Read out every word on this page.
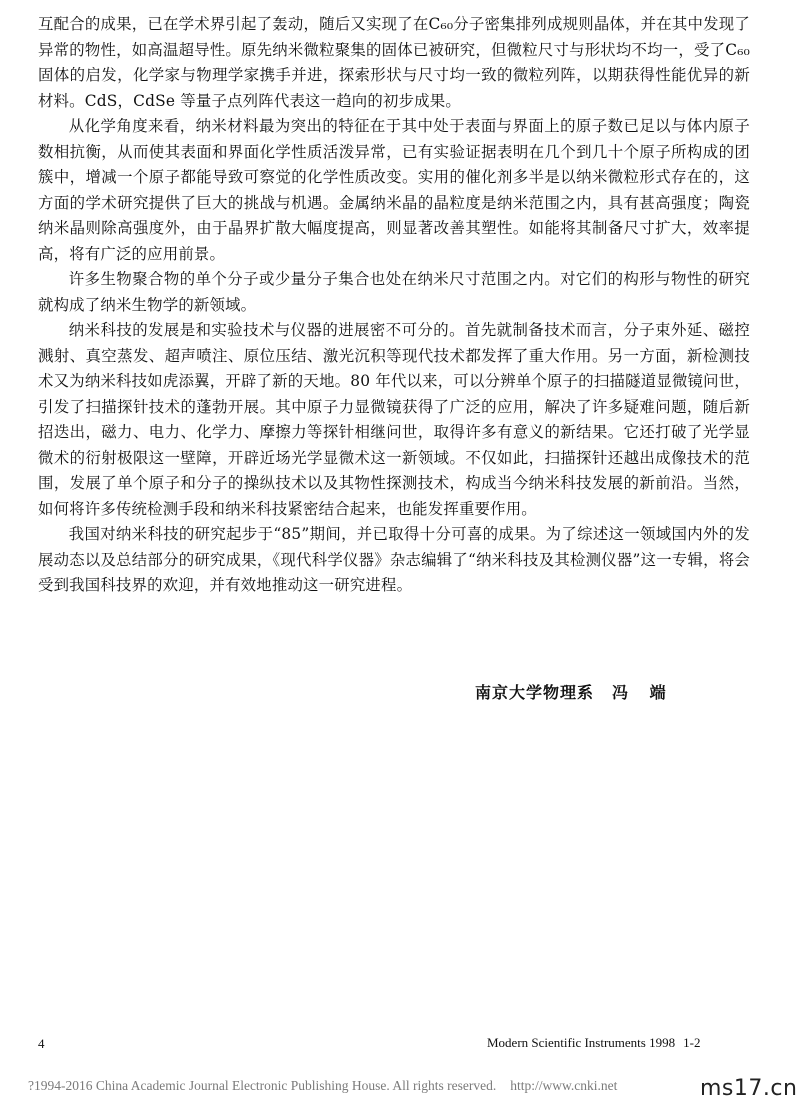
互配合的成果，已在学术界引起了轰动，随后又实现了在C₆₀分子密集排列成规则晶体，并在其中发现了异常的物性，如高温超导性。原先纳米微粒聚集的固体已被研究，但微粒尺寸与形状均不均一，受了C₆₀固体的启发，化学家与物理学家携手并进，探索形状与尺寸均一致的微粒列阵，以期获得性能优异的新材料。CdS，CdSe 等量子点列阵代表这一趋向的初步成果。

从化学角度来看，纳米材料最为突出的特征在于其中处于表面与界面上的原子数已足以与体内原子数相抗衡，从而使其表面和界面化学性质活泼异常，已有实验证据表明在几个到几十个原子所构成的团簇中，增减一个原子都能导致可察觉的化学性质改变。实用的催化剂多半是以纳米微粒形式存在的，这方面的学术研究提供了巨大的挑战与机遇。金属纳米晶的晶粒度是纳米范围之内，具有甚高强度；陶瓷纳米晶则除高强度外，由于晶界扩散大幅度提高，则显著改善其塑性。如能将其制备尺寸扩大，效率提高，将有广泛的应用前景。

许多生物聚合物的单个分子或少量分子集合也处在纳米尺寸范围之内。对它们的构形与物性的研究就构成了纳米生物学的新领域。

纳米科技的发展是和实验技术与仪器的进展密不可分的。首先就制备技术而言，分子束外延、磁控溅射、真空蒸发、超声喷注、原位压结、激光沉积等现代技术都发挥了重大作用。另一方面，新检测技术又为纳米科技如虎添翼，开辟了新的天地。80 年代以来，可以分辨单个原子的扫描隧道显微镜问世，引发了扫描探针技术的蓬勃开展。其中原子力显微镜获得了广泛的应用，解决了许多疑难问题，随后新招迭出，磁力、电力、化学力、摩擦力等探针相继问世，取得许多有意义的新结果。它还打破了光学显微术的衍射极限这一壁障，开辟近场光学显微术这一新领域。不仅如此，扫描探针还越出成像技术的范围，发展了单个原子和分子的操纵技术以及其物性探测技术，构成当今纳米科技发展的新前沿。当然，如何将许多传统检测手段和纳米科技紧密结合起来，也能发挥重要作用。

我国对纳米科技的研究起步于“85”期间，并已取得十分可喜的成果。为了综述这一领域国内外的发展动态以及总结部分的研究成果，《现代科学仪器》杂志编辑了“纳米科技及其检测仪器”这一专辑，将会受到我国科技界的欢迎，并有效地推动这一研究进程。

南京大学物理系 冯 端
4	Modern Scientific Instruments 1998 1-2
?1994-2016 China Academic Journal Electronic Publishing House. All rights reserved. http://www.cnki.net	ms17.cn
